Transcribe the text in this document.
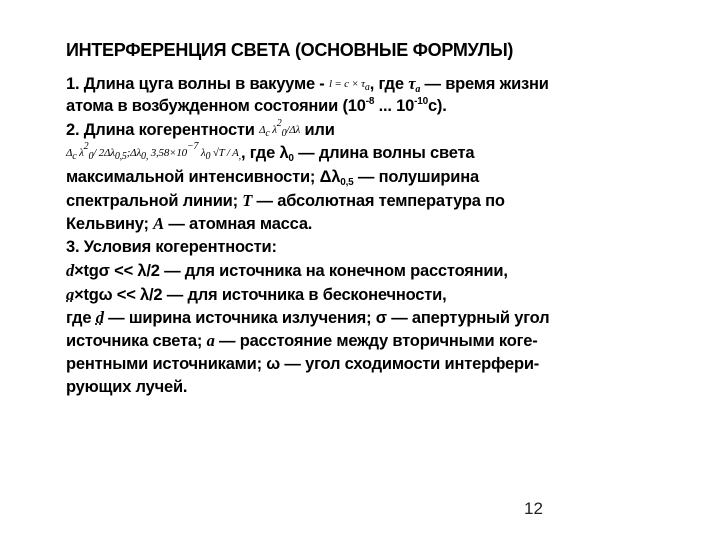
ИНТЕРФЕРЕНЦИЯ СВЕТА (ОСНОВНЫЕ ФОРМУЛЫ)
1. Длина цуга волны в вакууме - $l = c \times \tau_a$, где $\tau_a$ — время жизни
атома в возбужденном состоянии ($10^{-8}$ ... $10^{-10}с$).
2. Длина когерентности $\Delta_c$ $\lambda^2_0/\Delta\lambda$ или
$\Delta_c$ $\lambda^2_0/$ $2\Delta\lambda_{0,5};\Delta\lambda_{0,}$ $3,58\times 10^{-7}$ $\lambda_0$ $√T / A_,$, где $\lambda_0$ — длина волны света
максимальной интенсивности; $\Delta\lambda_{0,5}$ — полуширина
спектральной линии; T — абсолютная температура по
Кельвину; A — атомная масса.
3. Условия когерентности:
d×tgσ << λ/2 — для источника на конечном расстоянии,
a×tgω << λ/2 — для источника в бесконечности,
где d — ширина источника излучения; σ — апертурный угол
источника света; a — расстояние между вторичными коге-
рентными источниками; ω — угол сходимости интерфери-
рующих лучей.
12
